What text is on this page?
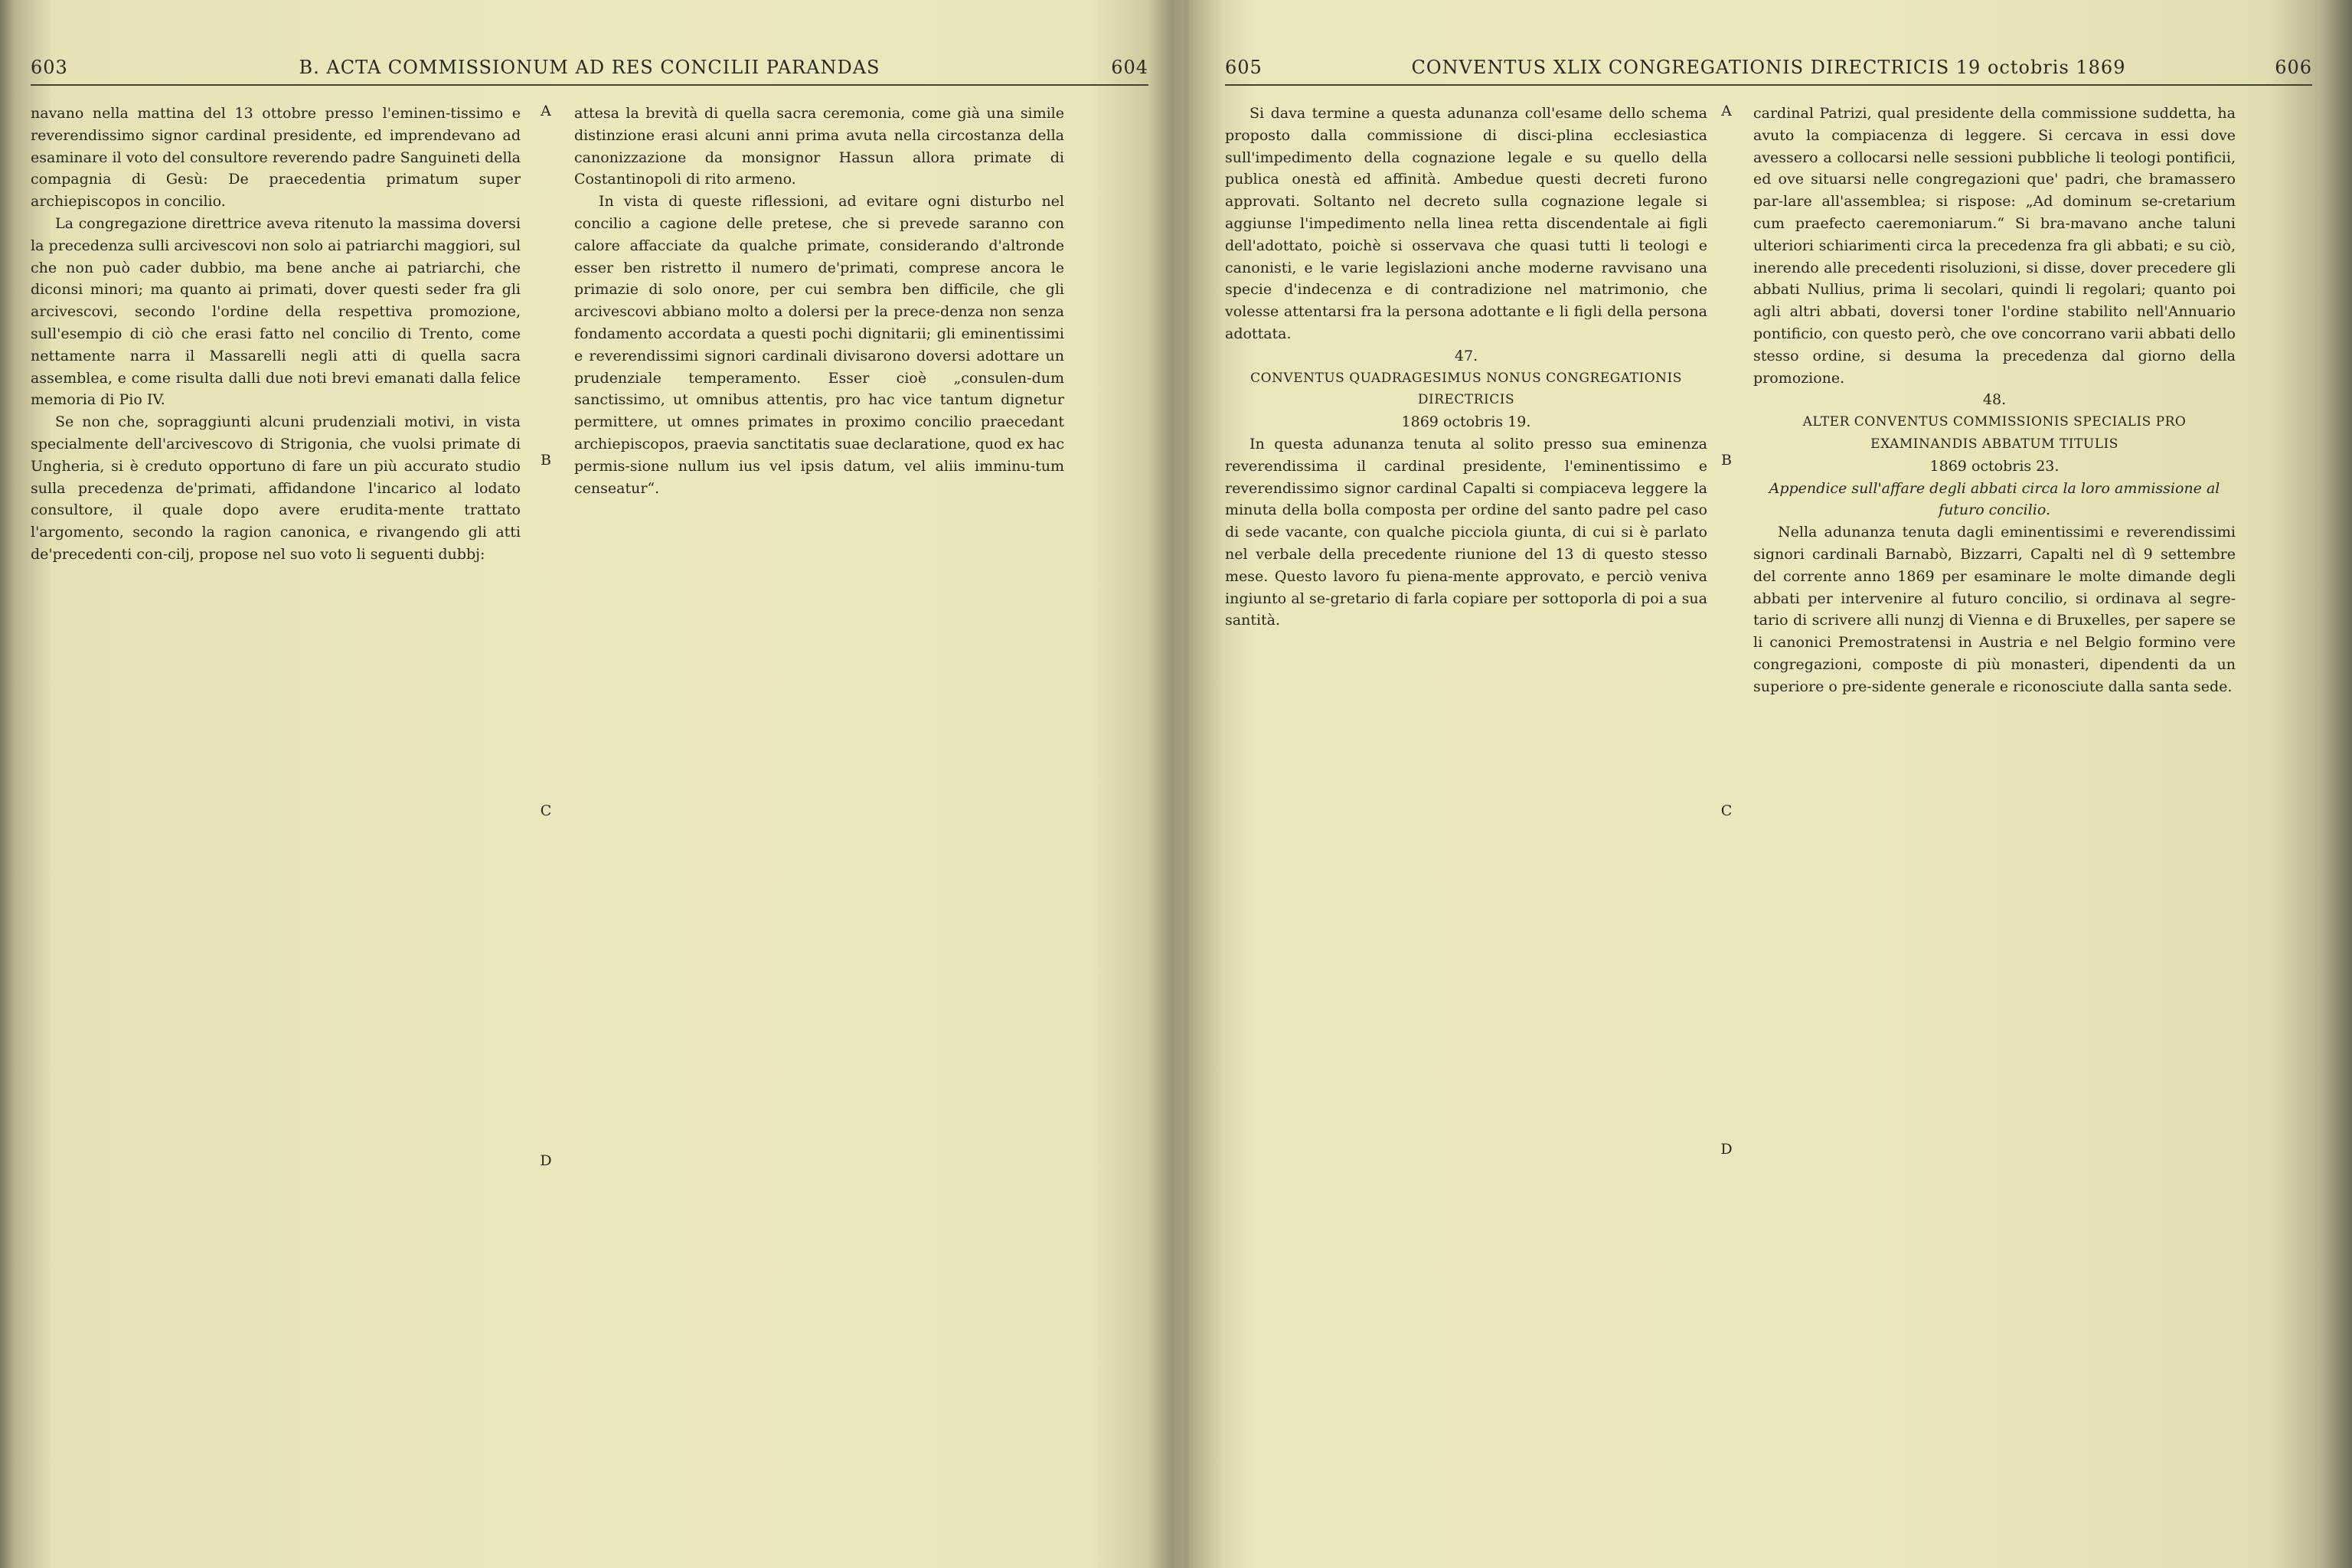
603	B. ACTA COMMISSIONUM AD RES CONCILII PARANDAS	604

navano nella mattina del 13 ottobre presso l'eminen-tissimo e reverendissimo signor cardinal presidente, ed imprendevano ad esaminare il voto del consultore reverendo padre Sanguineti della compagnia di Gesù: De praecedentia primatum super archiepiscopos in concilio.

La congregazione direttrice aveva ritenuto la massima doversi la precedenza sulli arcivescovi non solo ai patriarchi maggiori, sul che non può cader dubbio, ma bene anche ai patriarchi, che diconsi minori; ma quanto ai primati, dover questi seder fra gli arcivescovi, secondo l'ordine della respettiva promozione, sull'esempio di ciò che erasi fatto nel concilio di Trento, come nettamente narra il Massarelli negli atti di quella sacra assemblea, e come risulta dalli due noti brevi emanati dalla felice memoria di Pio IV.

Se non che, sopraggiunti alcuni prudenziali motivi, in vista specialmente dell'arcivescovo di Strigonia, che vuolsi primate di Ungheria, si è creduto opportuno di fare un più accurato studio sulla precedenza de'primati, affidandone l'incarico al lodato consultore, il quale dopo avere erudita-mente trattato l'argomento, secondo la ragion canonica, e rivangendo gli atti de'precedenti con-cilj, propose nel suo voto li seguenti dubbj:

A
B
C
D

attesa la brevità di quella sacra ceremonia, come già una simile distinzione erasi alcuni anni prima avuta nella circostanza della canonizzazione da monsignor Hassun allora primate di Costantinopoli di rito armeno.

In vista di queste riflessioni, ad evitare ogni disturbo nel concilio a cagione delle pretese, che si prevede saranno con calore affacciate da qualche primate, considerando d'altronde esser ben ristretto il numero de'primati, comprese ancora le primazie di solo onore, per cui sembra ben difficile, che gli arcivescovi abbiano molto a dolersi per la prece-denza non senza fondamento accordata a questi pochi dignitarii; gli eminentissimi e reverendissimi signori cardinali divisarono doversi adottare un prudenziale temperamento. Esser cioè „consulen-dum sanctissimo, ut omnibus attentis, pro hac vice tantum dignetur permittere, ut omnes primates in proximo concilio praecedant archiepiscopos, praevia sanctitatis suae declaratione, quod ex hac permis-sione nullum ius vel ipsis datum, vel aliis imminu-tum censeatur“.

605	CONVENTUS XLIX CONGREGATIONIS DIRECTRICIS 19 octobris 1869	606

Si dava termine a questa adunanza coll'esame dello schema proposto dalla commissione di disci-plina ecclesiastica sull'impedimento della cognazione legale e su quello della publica onestà ed affinità. Ambedue questi decreti furono approvati. Soltanto nel decreto sulla cognazione legale si aggiunse l'impedimento nella linea retta discendentale ai figli dell'adottato, poichè si osservava che quasi tutti li teologi e canonisti, e le varie legislazioni anche moderne ravvisano una specie d'indecenza e di contradizione nel matrimonio, che volesse attentarsi fra la persona adottante e li figli della persona adottata.

47.

CONVENTUS QUADRAGESIMUS NONUS CONGREGATIONIS DIRECTRICIS

1869 octobris 19.

In questa adunanza tenuta al solito presso sua eminenza reverendissima il cardinal presidente, l'eminentissimo e reverendissimo signor cardinal Capalti si compiaceva leggere la minuta della bolla composta per ordine del santo padre pel caso di sede vacante, con qualche picciola giunta, di cui si è parlato nel verbale della precedente riunione del 13 di questo stesso mese. Questo lavoro fu piena-mente approvato, e perciò veniva ingiunto al se-gretario di farla copiare per sottoporla di poi a sua santità.

A
B
C
D

cardinal Patrizi, qual presidente della commissione suddetta, ha avuto la compiacenza di leggere. Si cercava in essi dove avessero a collocarsi nelle sessioni pubbliche li teologi pontificii, ed ove situarsi nelle congregazioni que' padri, che bramassero par-lare all'assemblea; si rispose: „Ad dominum se-cretarium cum praefecto caeremoniarum.“ Si bra-mavano anche taluni ulteriori schiarimenti circa la precedenza fra gli abbati; e su ciò, inerendo alle precedenti risoluzioni, si disse, dover precedere gli abbati Nullius, prima li secolari, quindi li regolari; quanto poi agli altri abbati, doversi toner l'ordine stabilito nell'Annuario pontificio, con questo però, che ove concorrano varii abbati dello stesso ordine, si desuma la precedenza dal giorno della promozione.

48.

ALTER CONVENTUS COMMISSIONIS SPECIALIS PRO EXAMINANDIS ABBATUM TITULIS

1869 octobris 23.

Appendice sull'affare degli abbati circa la loro ammissione al futuro concilio.

Nella adunanza tenuta dagli eminentissimi e reverendissimi signori cardinali Barnabò, Bizzarri, Capalti nel dì 9 settembre del corrente anno 1869 per esaminare le molte dimande degli abbati per intervenire al futuro concilio, si ordinava al segre-tario di scrivere alli nunzj di Vienna e di Bruxelles, per sapere se li canonici Premostratensi in Austria e nel Belgio formino vere congregazioni, composte di più monasteri, dipendenti da un superiore o pre-sidente generale e riconosciute dalla santa sede.
